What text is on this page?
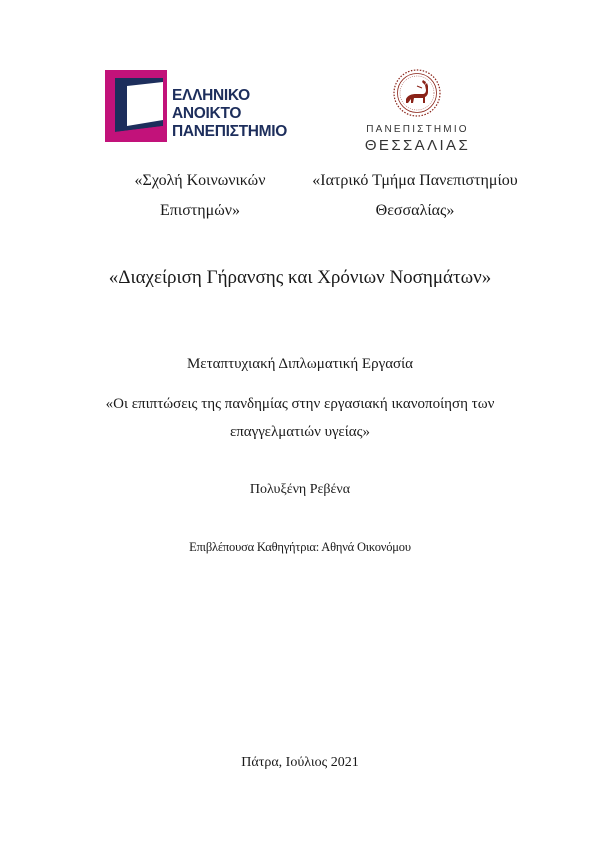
ΕΛΛΗΝΙΚΟ
ΑΝΟΙΚΤΟ
ΠΑΝΕΠΙΣΤΗΜΙΟ	ΠΑΝΕΠΙΣΤΗΜΙΟ
ΘΕΣΣΑΛΙΑΣ
«Σχολή Κοινωνικών
Επιστημών»
«Ιατρικό Τμήμα Πανεπιστημίου
Θεσσαλίας»
«Διαχείριση Γήρανσης και Χρόνιων Νοσημάτων»
Μεταπτυχιακή Διπλωματική Εργασία
«Οι επιπτώσεις της πανδημίας στην εργασιακή ικανοποίηση των
επαγγελματιών υγείας»
Πολυξένη Ρεβένα
Επιβλέπουσα Καθηγήτρια: Αθηνά Οικονόμου
Πάτρα, Ιούλιος 2021
